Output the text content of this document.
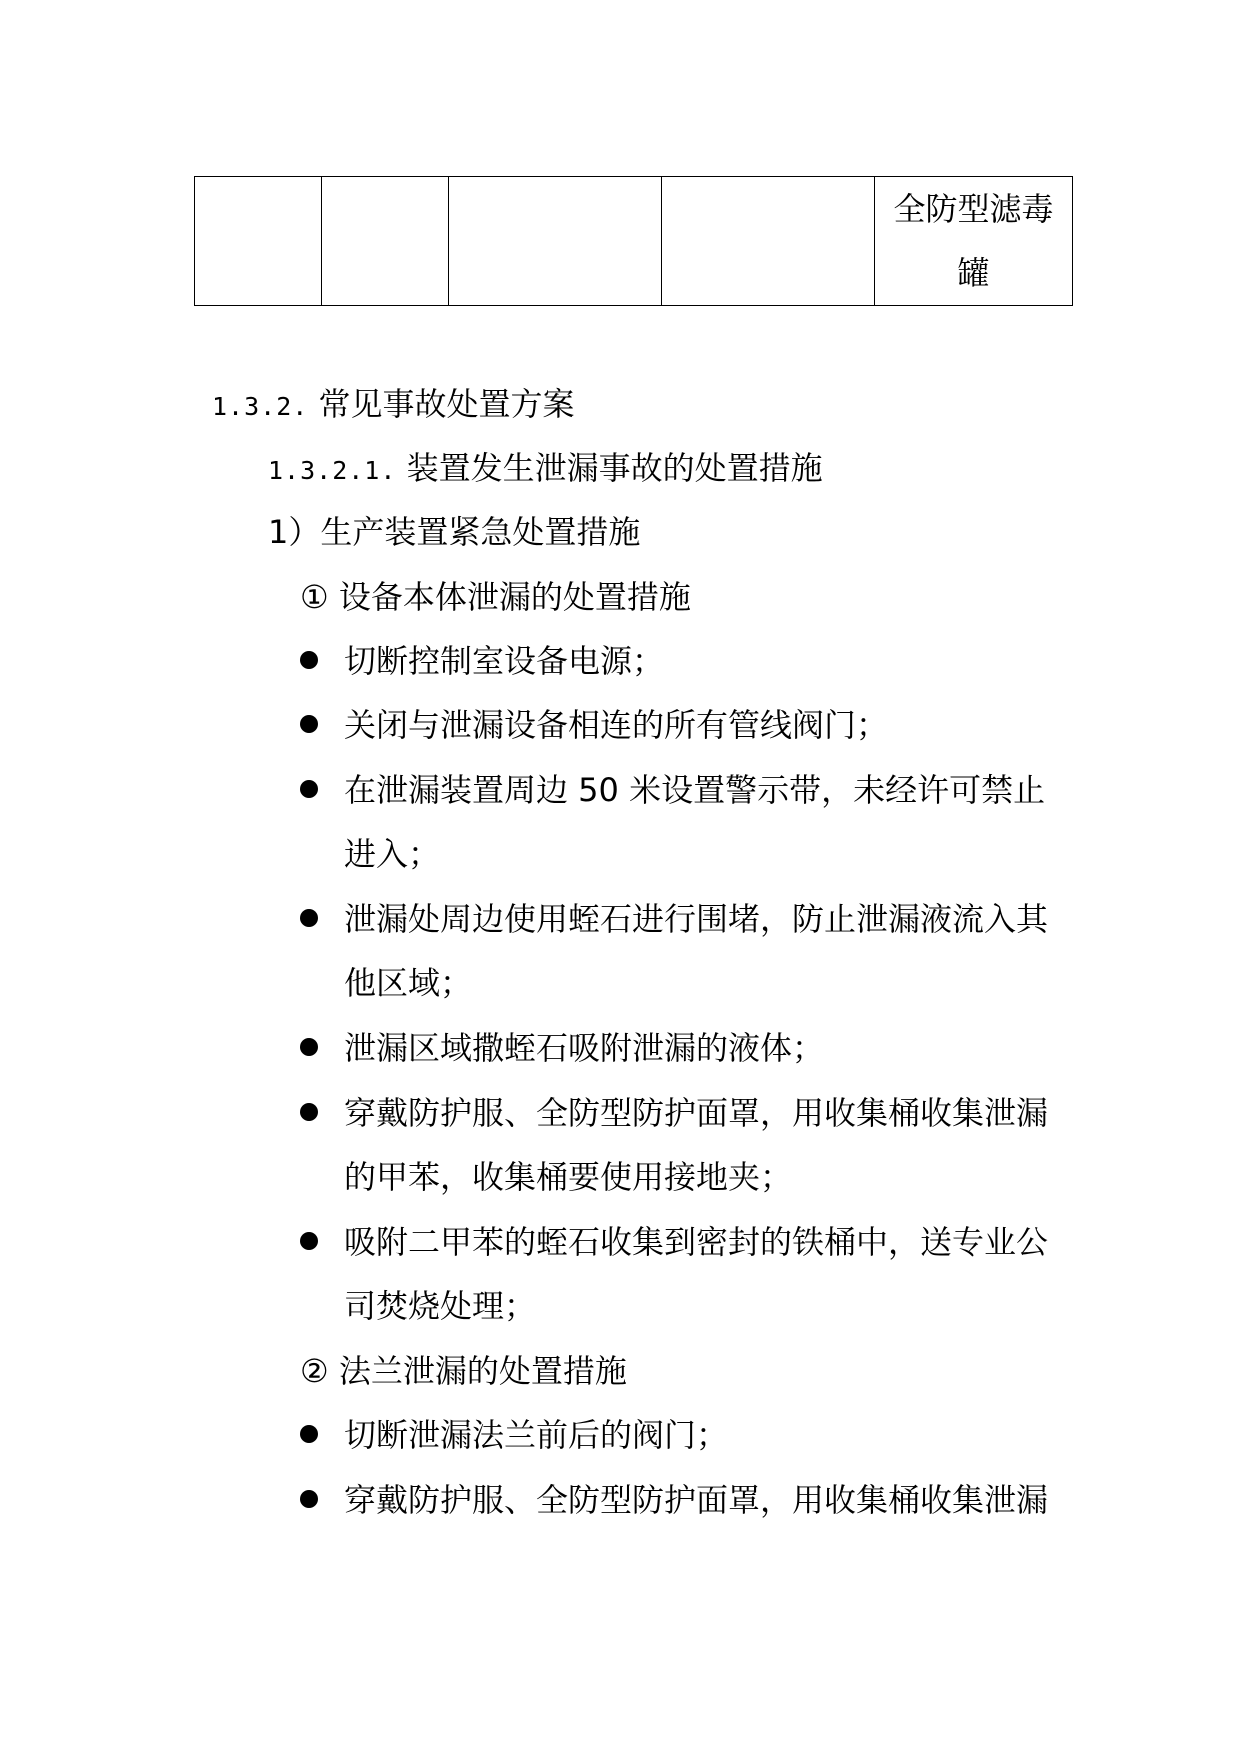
全防型滤毒罐
1.3.2. 常见事故处置方案
1.3.2.1. 装置发生泄漏事故的处置措施
1）生产装置紧急处置措施
① 设备本体泄漏的处置措施
切断控制室设备电源；
关闭与泄漏设备相连的所有管线阀门；
在泄漏装置周边 50 米设置警示带，未经许可禁止进入；
泄漏处周边使用蛭石进行围堵，防止泄漏液流入其他区域；
泄漏区域撒蛭石吸附泄漏的液体；
穿戴防护服、全防型防护面罩，用收集桶收集泄漏的甲苯，收集桶要使用接地夹；
吸附二甲苯的蛭石收集到密封的铁桶中，送专业公司焚烧处理；
② 法兰泄漏的处置措施
切断泄漏法兰前后的阀门；
穿戴防护服、全防型防护面罩，用收集桶收集泄漏
